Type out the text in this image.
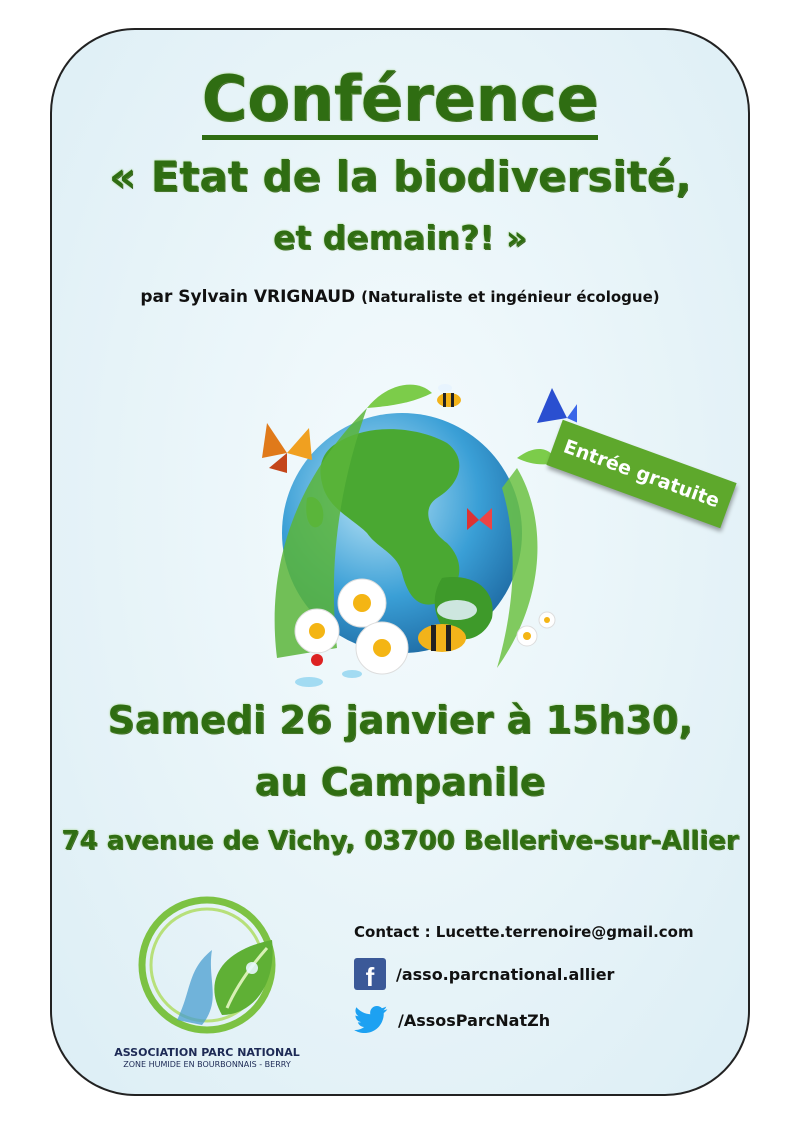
Conférence
« Etat de la biodiversité,
et demain?! »
par Sylvain VRIGNAUD (Naturaliste et ingénieur écologue)
Entrée gratuite
Samedi 26 janvier à 15h30,
au Campanile
74 avenue de Vichy, 03700 Bellerive-sur-Allier
ASSOCIATION PARC NATIONAL
ZONE HUMIDE EN BOURBONNAIS - BERRY
Contact : Lucette.terrenoire@gmail.com
f	/asso.parcnational.allier
/AssosParcNatZh
